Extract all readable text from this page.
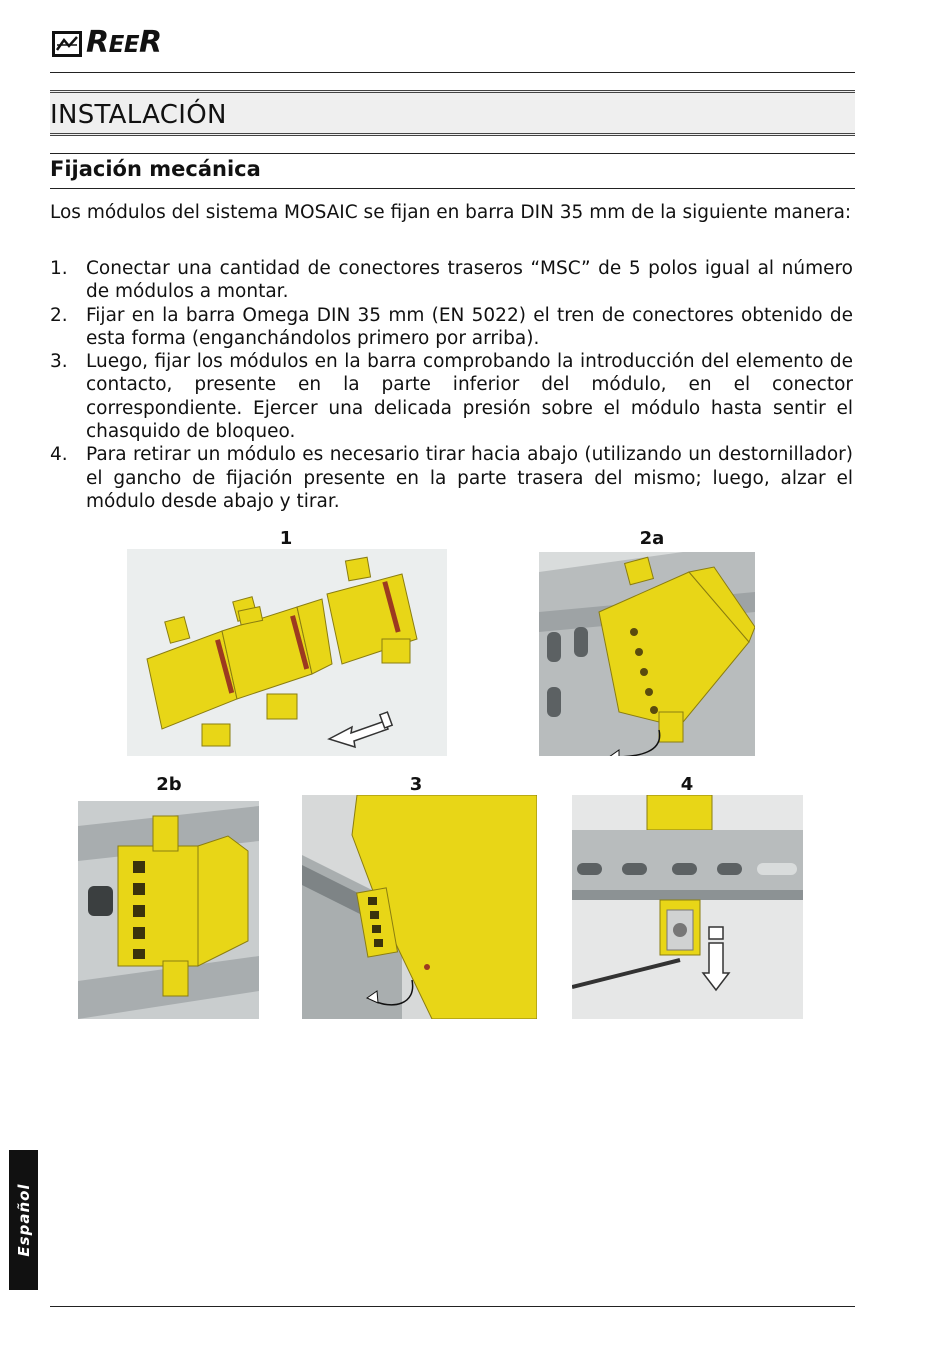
REER
INSTALACIÓN
Fijación mecánica
Los módulos del sistema MOSAIC se fijan en barra DIN 35 mm de la siguiente manera:
1. Conectar una cantidad de conectores traseros “MSC” de 5 polos igual al número de módulos a montar.
2. Fijar en la barra Omega DIN 35 mm (EN 5022) el tren de conectores obtenido de esta forma (enganchándolos primero por arriba).
3. Luego, fijar los módulos en la barra comprobando la introducción del elemento de contacto, presente en la parte inferior del módulo, en el conector correspondiente. Ejercer una delicada presión sobre el módulo hasta sentir el chasquido de bloqueo.
4. Para retirar un módulo es necesario tirar hacia abajo (utilizando un destornillador) el gancho de fijación presente en la parte trasera del mismo; luego, alzar el módulo desde abajo y tirar.
1	2a
2b	3	4
Español
